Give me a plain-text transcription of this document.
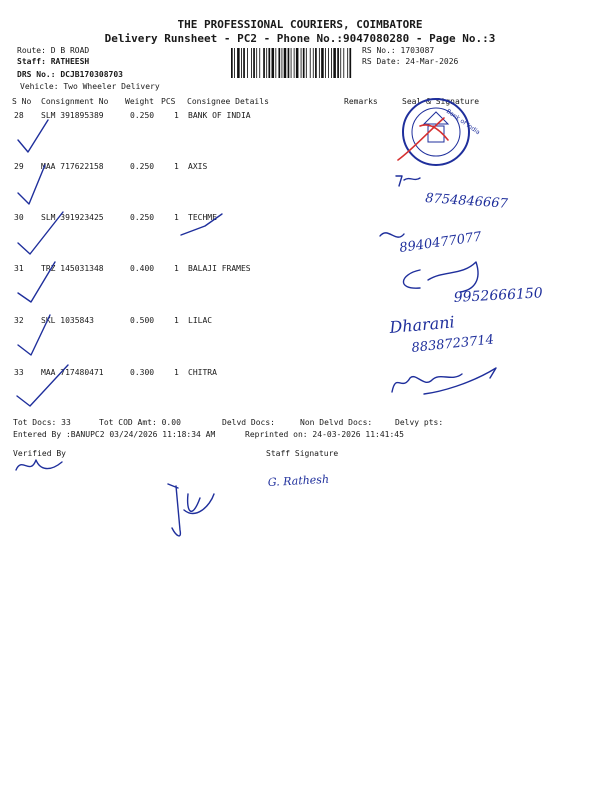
THE PROFESSIONAL COURIERS, COIMBATORE
Delivery Runsheet - PC2 - Phone No.:9047080280 - Page No.:3
Route: D B ROAD
Staff: RATHEESH
DRS No.: DCJB170308703
Vehicle: Two Wheeler Delivery
RS No.: 1703087
RS Date: 24-Mar-2026
S No Consignment No Weight PCS Consignee Details	Remarks	Seal & Signature
28 SLM 391895389	0.250 1 BANK OF INDIA
29 MAA 717622158	0.250 1 AXIS
30 SLM 391923425	0.250 1 TECHME
31 TRZ 145031348	0.400 1 BALAJI FRAMES
32 SKL 1035843	0.500 1 LILAC
33 MAA 717480471	0.300 1 CHITRA
Tot Docs: 33	Tot COD Amt: 0.00	Delvd Docs:	Non Delvd Docs:	Delvy pts:
Entered By :BANUPC2 03/24/2026 11:18:34 AM	Reprinted on: 24-03-2026 11:41:45
Verified By	Staff Signature
Bank of India
8754846667
8940477077
9952666150
Dharani
8838723714
G. Rathesh
